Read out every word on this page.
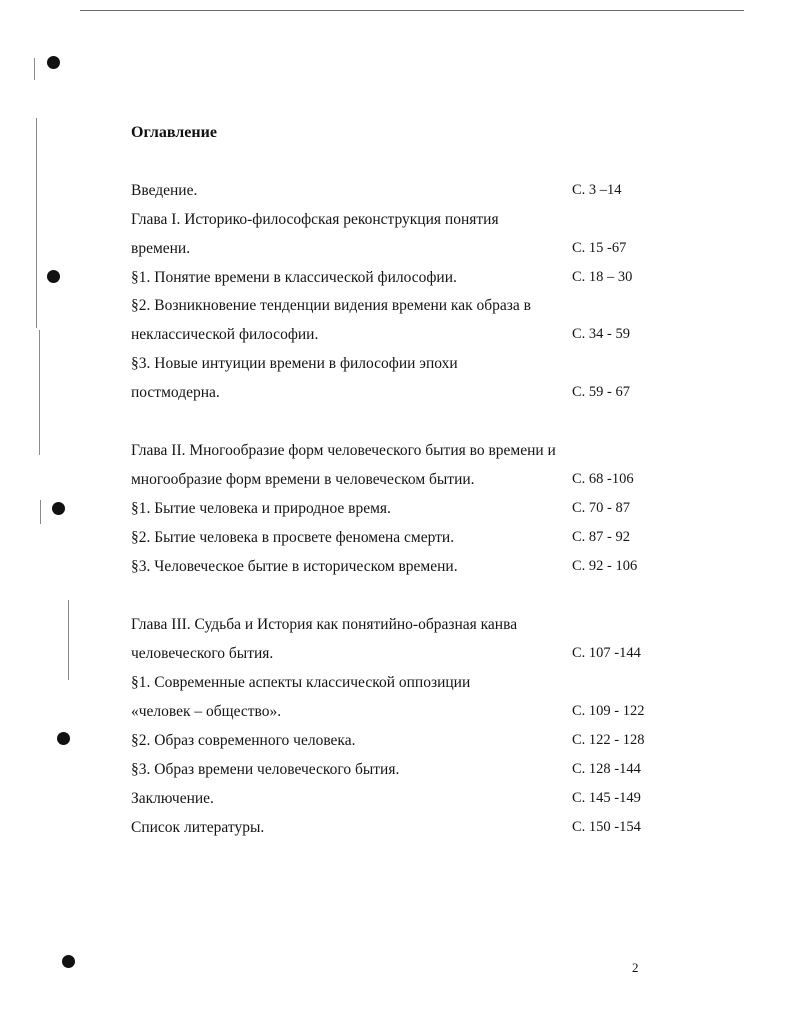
Оглавление
Введение.	С. 3 –14
Глава I. Историко-философская реконструкция понятия
времени.	С. 15 -67
§1. Понятие времени в классической философии.	С. 18 – 30
§2. Возникновение тенденции видения времени как образа в
неклассической философии.	С. 34 - 59
§3. Новые интуиции времени в философии эпохи
постмодерна.	С. 59 - 67
Глава II. Многообразие форм человеческого бытия во времени и
многообразие форм времени в человеческом бытии.	С. 68 -106
§1. Бытие человека и природное время.	С. 70 - 87
§2. Бытие человека в просвете феномена смерти.	С. 87 - 92
§3. Человеческое бытие в историческом времени.	С. 92 - 106
Глава III. Судьба и История как понятийно-образная канва
человеческого бытия.	С. 107 -144
§1. Современные аспекты классической оппозиции
«человек – общество».	С. 109 - 122
§2. Образ современного человека.	С. 122 - 128
§3. Образ времени человеческого бытия.	С. 128 -144
Заключение.	С. 145 -149
Список литературы.	С. 150 -154
2
